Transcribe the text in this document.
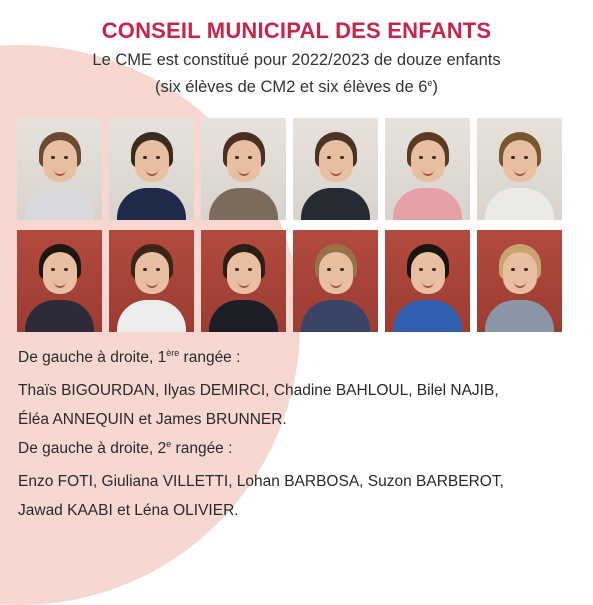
CONSEIL MUNICIPAL DES ENFANTS
Le CME est constitué pour 2022/2023 de douze enfants
(six élèves de CM2 et six élèves de 6e)
De gauche à droite, 1ère rangée :
Thaïs BIGOURDAN, Ilyas DEMIRCI, Chadine BAHLOUL, Bilel NAJIB,
Éléa ANNEQUIN et James BRUNNER.
De gauche à droite, 2e rangée :
Enzo FOTI, Giuliana VILLETTI, Lohan BARBOSA, Suzon BARBEROT,
Jawad KAABI et Léna OLIVIER.
